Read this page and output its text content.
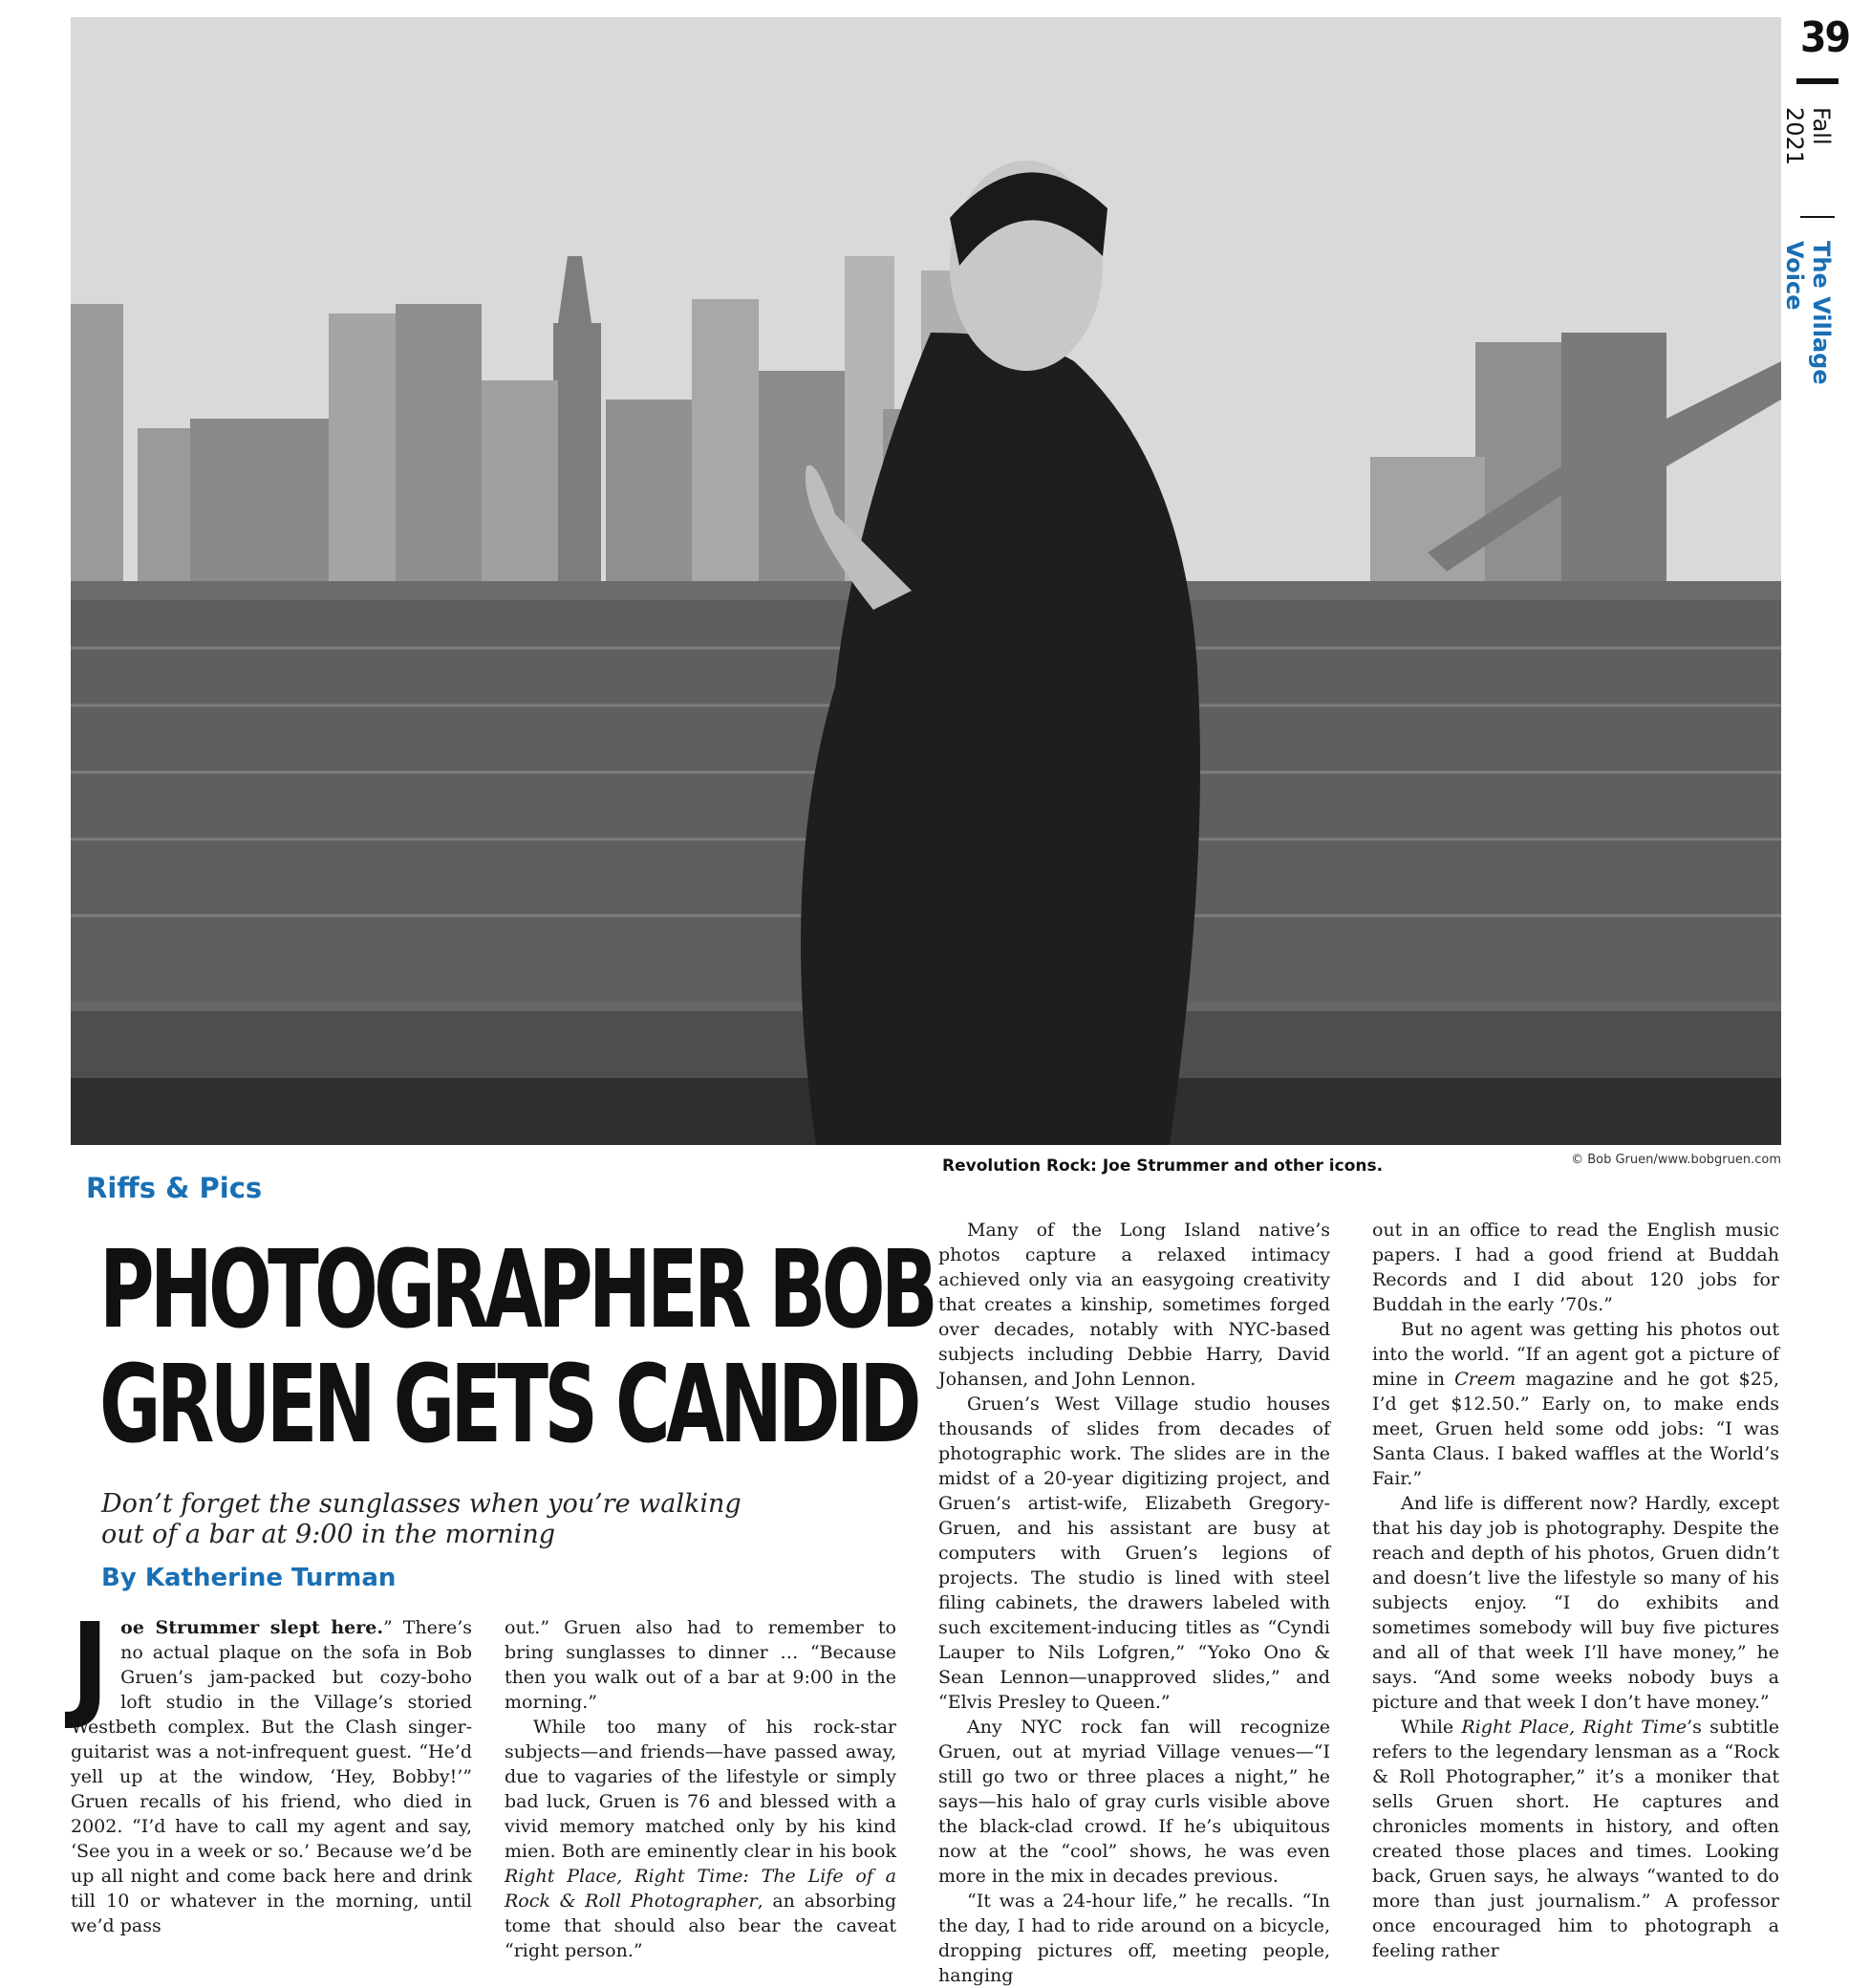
Revolution Rock: Joe Strummer and other icons.	© Bob Gruen/www.bobgruen.com
39
Fall 2021
The Village Voice
Riffs & Pics
PHOTOGRAPHER BOB
GRUEN GETS CANDID
Don’t forget the sunglasses when you’re walking out of a bar at 9:00 in the morning
By Katherine Turman

Joe Strummer slept here.” There’s no actual plaque on the sofa in Bob Gruen’s jam-packed but cozy-boho loft studio in the Village’s storied Westbeth complex. But the Clash singer-guitarist was a not-infrequent guest. “He’d yell up at the window, ‘Hey, Bobby!’” Gruen recalls of his friend, who died in 2002. “I’d have to call my agent and say, ‘See you in a week or so.’ Because we’d be up all night and come back here and drink till 10 or whatever in the morning, until we’d pass

out.” Gruen also had to remember to bring sunglasses to dinner … “Because then you walk out of a bar at 9:00 in the morning.”

While too many of his rock-star subjects—and friends—have passed away, due to vagaries of the lifestyle or simply bad luck, Gruen is 76 and blessed with a vivid memory matched only by his kind mien. Both are eminently clear in his book Right Place, Right Time: The Life of a Rock & Roll Photographer, an absorbing tome that should also bear the caveat “right person.”

Many of the Long Island native’s photos capture a relaxed intimacy achieved only via an easygoing creativity that creates a kinship, sometimes forged over decades, notably with NYC-based subjects including Debbie Harry, David Johansen, and John Lennon.

Gruen’s West Village studio houses thousands of slides from decades of photographic work. The slides are in the midst of a 20-year digitizing project, and Gruen’s artist-wife, Elizabeth Gregory-Gruen, and his assistant are busy at computers with Gruen’s legions of projects. The studio is lined with steel filing cabinets, the drawers labeled with such excitement-inducing titles as “Cyndi Lauper to Nils Lofgren,” “Yoko Ono & Sean Lennon—unapproved slides,” and “Elvis Presley to Queen.”

Any NYC rock fan will recognize Gruen, out at myriad Village venues—“I still go two or three places a night,” he says—his halo of gray curls visible above the black-clad crowd. If he’s ubiquitous now at the “cool” shows, he was even more in the mix in decades previous.

“It was a 24-hour life,” he recalls. “In the day, I had to ride around on a bicycle, dropping pictures off, meeting people, hanging

out in an office to read the English music papers. I had a good friend at Buddah Records and I did about 120 jobs for Buddah in the early ’70s.”

But no agent was getting his photos out into the world. “If an agent got a picture of mine in Creem magazine and he got $25, I’d get $12.50.” Early on, to make ends meet, Gruen held some odd jobs: “I was Santa Claus. I baked waffles at the World’s Fair.”

And life is different now? Hardly, except that his day job is photography. Despite the reach and depth of his photos, Gruen didn’t and doesn’t live the lifestyle so many of his subjects enjoy. “I do exhibits and sometimes somebody will buy five pictures and all of that week I’ll have money,” he says. “And some weeks nobody buys a picture and that week I don’t have money.”

While Right Place, Right Time’s subtitle refers to the legendary lensman as a “Rock & Roll Photographer,” it’s a moniker that sells Gruen short. He captures and chronicles moments in history, and often created those places and times. Looking back, Gruen says, he always “wanted to do more than just journalism.” A professor once encouraged him to photograph a feeling rather
